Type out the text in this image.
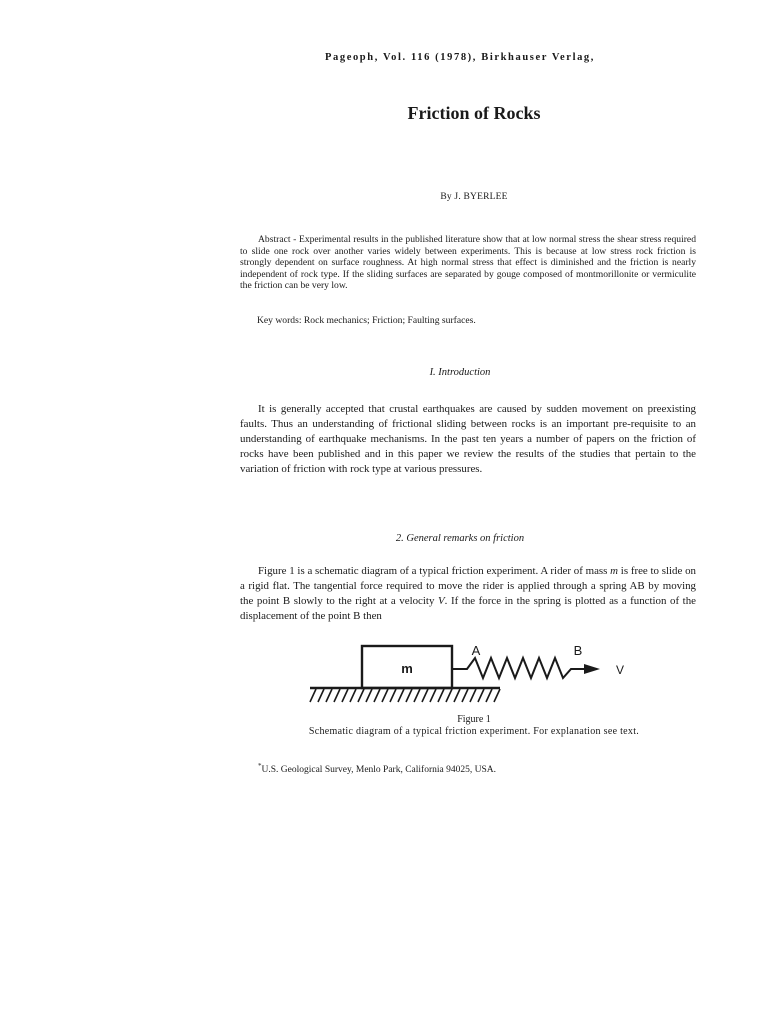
Pageoph, Vol. 116 (1978), Birkhauser Verlag,
Friction of Rocks
By J. BYERLEE
Abstract - Experimental results in the published literature show that at low normal stress the shear stress required to slide one rock over another varies widely between experiments. This is because at low stress rock friction is strongly dependent on surface roughness. At high normal stress that effect is diminished and the friction is nearly independent of rock type. If the sliding surfaces are separated by gouge composed of montmorillonite or vermiculite the friction can be very low.
Key words: Rock mechanics; Friction; Faulting surfaces.
I. Introduction
It is generally accepted that crustal earthquakes are caused by sudden movement on preexisting faults. Thus an understanding of frictional sliding between rocks is an important pre-requisite to an understanding of earthquake mechanisms. In the past ten years a number of papers on the friction of rocks have been published and in this paper we review the results of the studies that pertain to the variation of friction with rock type at various pressures.
2. General remarks on friction
Figure 1 is a schematic diagram of a typical friction experiment. A rider of mass m is free to slide on a rigid flat. The tangential force required to move the rider is applied through a spring AB by moving the point B slowly to the right at a velocity V. If the force in the spring is plotted as a function of the displacement of the point B then
m
A	B
V
Figure 1
Schematic diagram of a typical friction experiment. For explanation see text.
*U.S. Geological Survey, Menlo Park, California 94025, USA.
